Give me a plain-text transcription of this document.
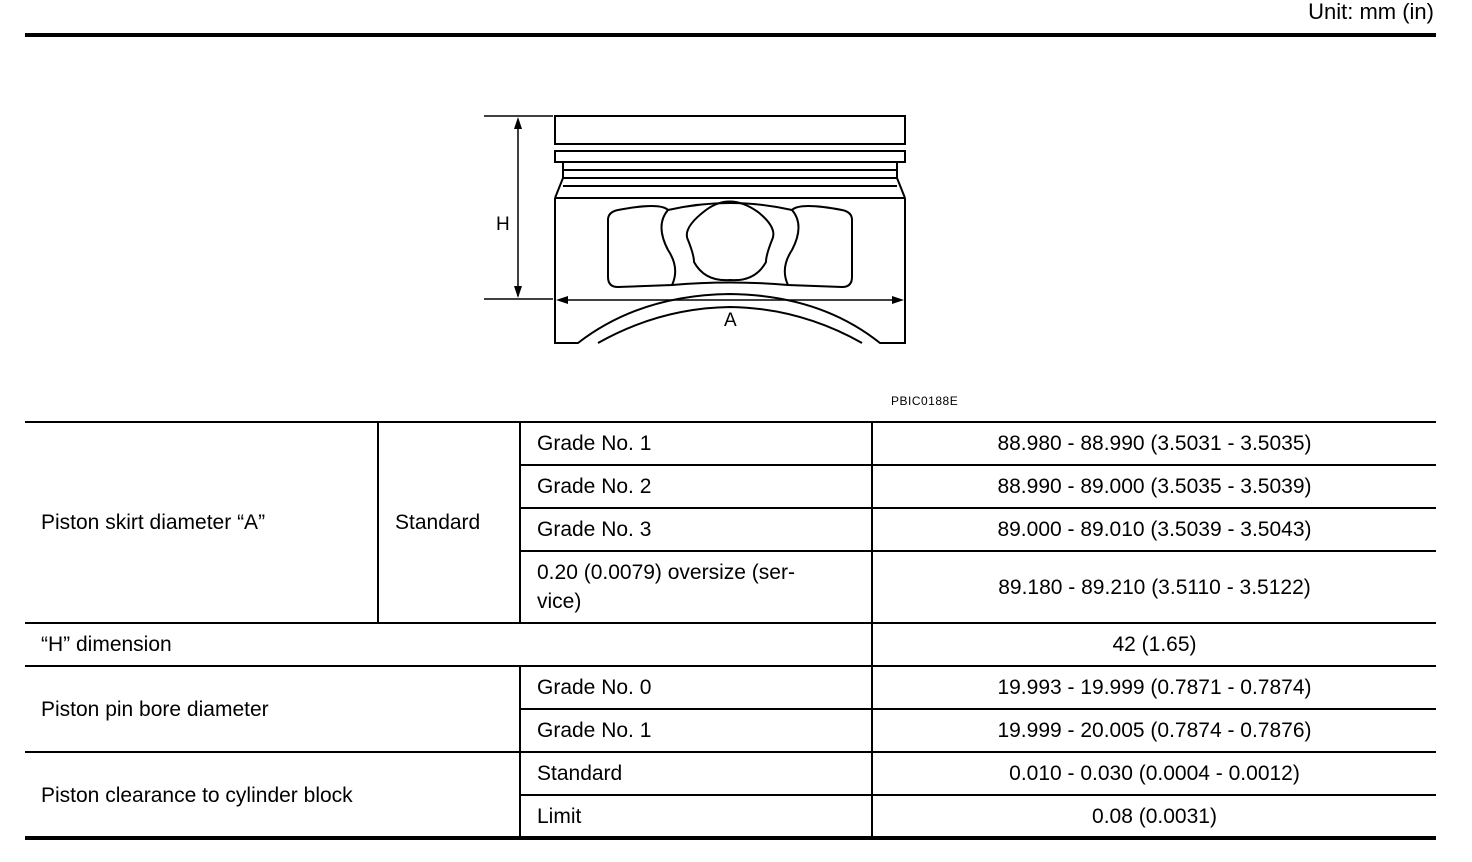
Unit: mm (in)
H
A
PBIC0188E
Piston skirt diameter “A”	Standard	Grade No. 1	88.980 - 88.990 (3.5031 - 3.5035)
		Grade No. 2	88.990 - 89.000 (3.5035 - 3.5039)
		Grade No. 3	89.000 - 89.010 (3.5039 - 3.5043)
		0.20 (0.0079) oversize (ser-
vice)	89.180 - 89.210 (3.5110 - 3.5122)
“H” dimension			42 (1.65)
Piston pin bore diameter		Grade No. 0	19.993 - 19.999 (0.7871 - 0.7874)
		Grade No. 1	19.999 - 20.005 (0.7874 - 0.7876)
Piston clearance to cylinder block		Standard	0.010 - 0.030 (0.0004 - 0.0012)
		Limit	0.08 (0.0031)
